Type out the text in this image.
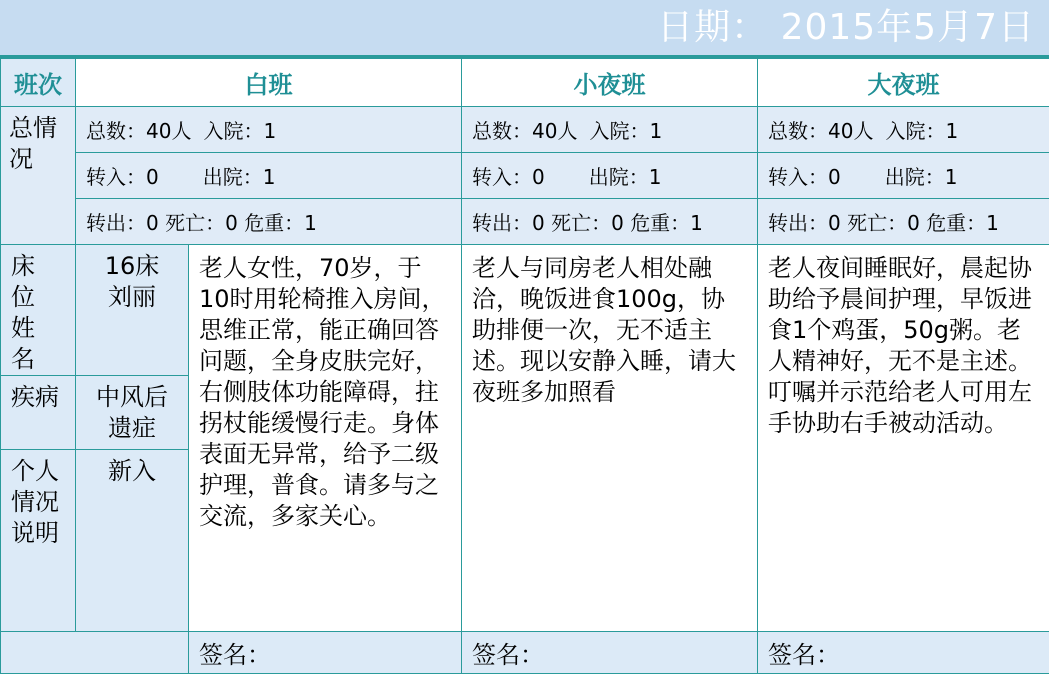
日期： 2015年5月7日
班次	白班		小夜班	大夜班
总情况	总数：40人 入院：1		总数：40人 入院：1	总数：40人 入院：1
	转入：0 出院：1		转入：0 出院：1	转入：0 出院：1
	转出：0 死亡：0 危重：1		转出：0 死亡：0 危重：1	转出：0 死亡：0 危重：1
床位姓名	16床刘丽	老人女性，70岁，于10时用轮椅推入房间，思维正常，能正确回答问题，全身皮肤完好，右侧肢体功能障碍，拄拐杖能缓慢行走。身体表面无异常，给予二级护理，普食。请多与之交流，多家关心。	老人与同房老人相处融洽，晚饭进食100g，协助排便一次，无不适主述。现以安静入睡，请大夜班多加照看	老人夜间睡眠好，晨起协助给予晨间护理，早饭进食1个鸡蛋，50g粥。老人精神好，无不是主述。叮嘱并示范给老人可用左手协助右手被动活动。
疾病	中风后遗症			
个人情况说明	新入			
		签名：	签名：	签名：
